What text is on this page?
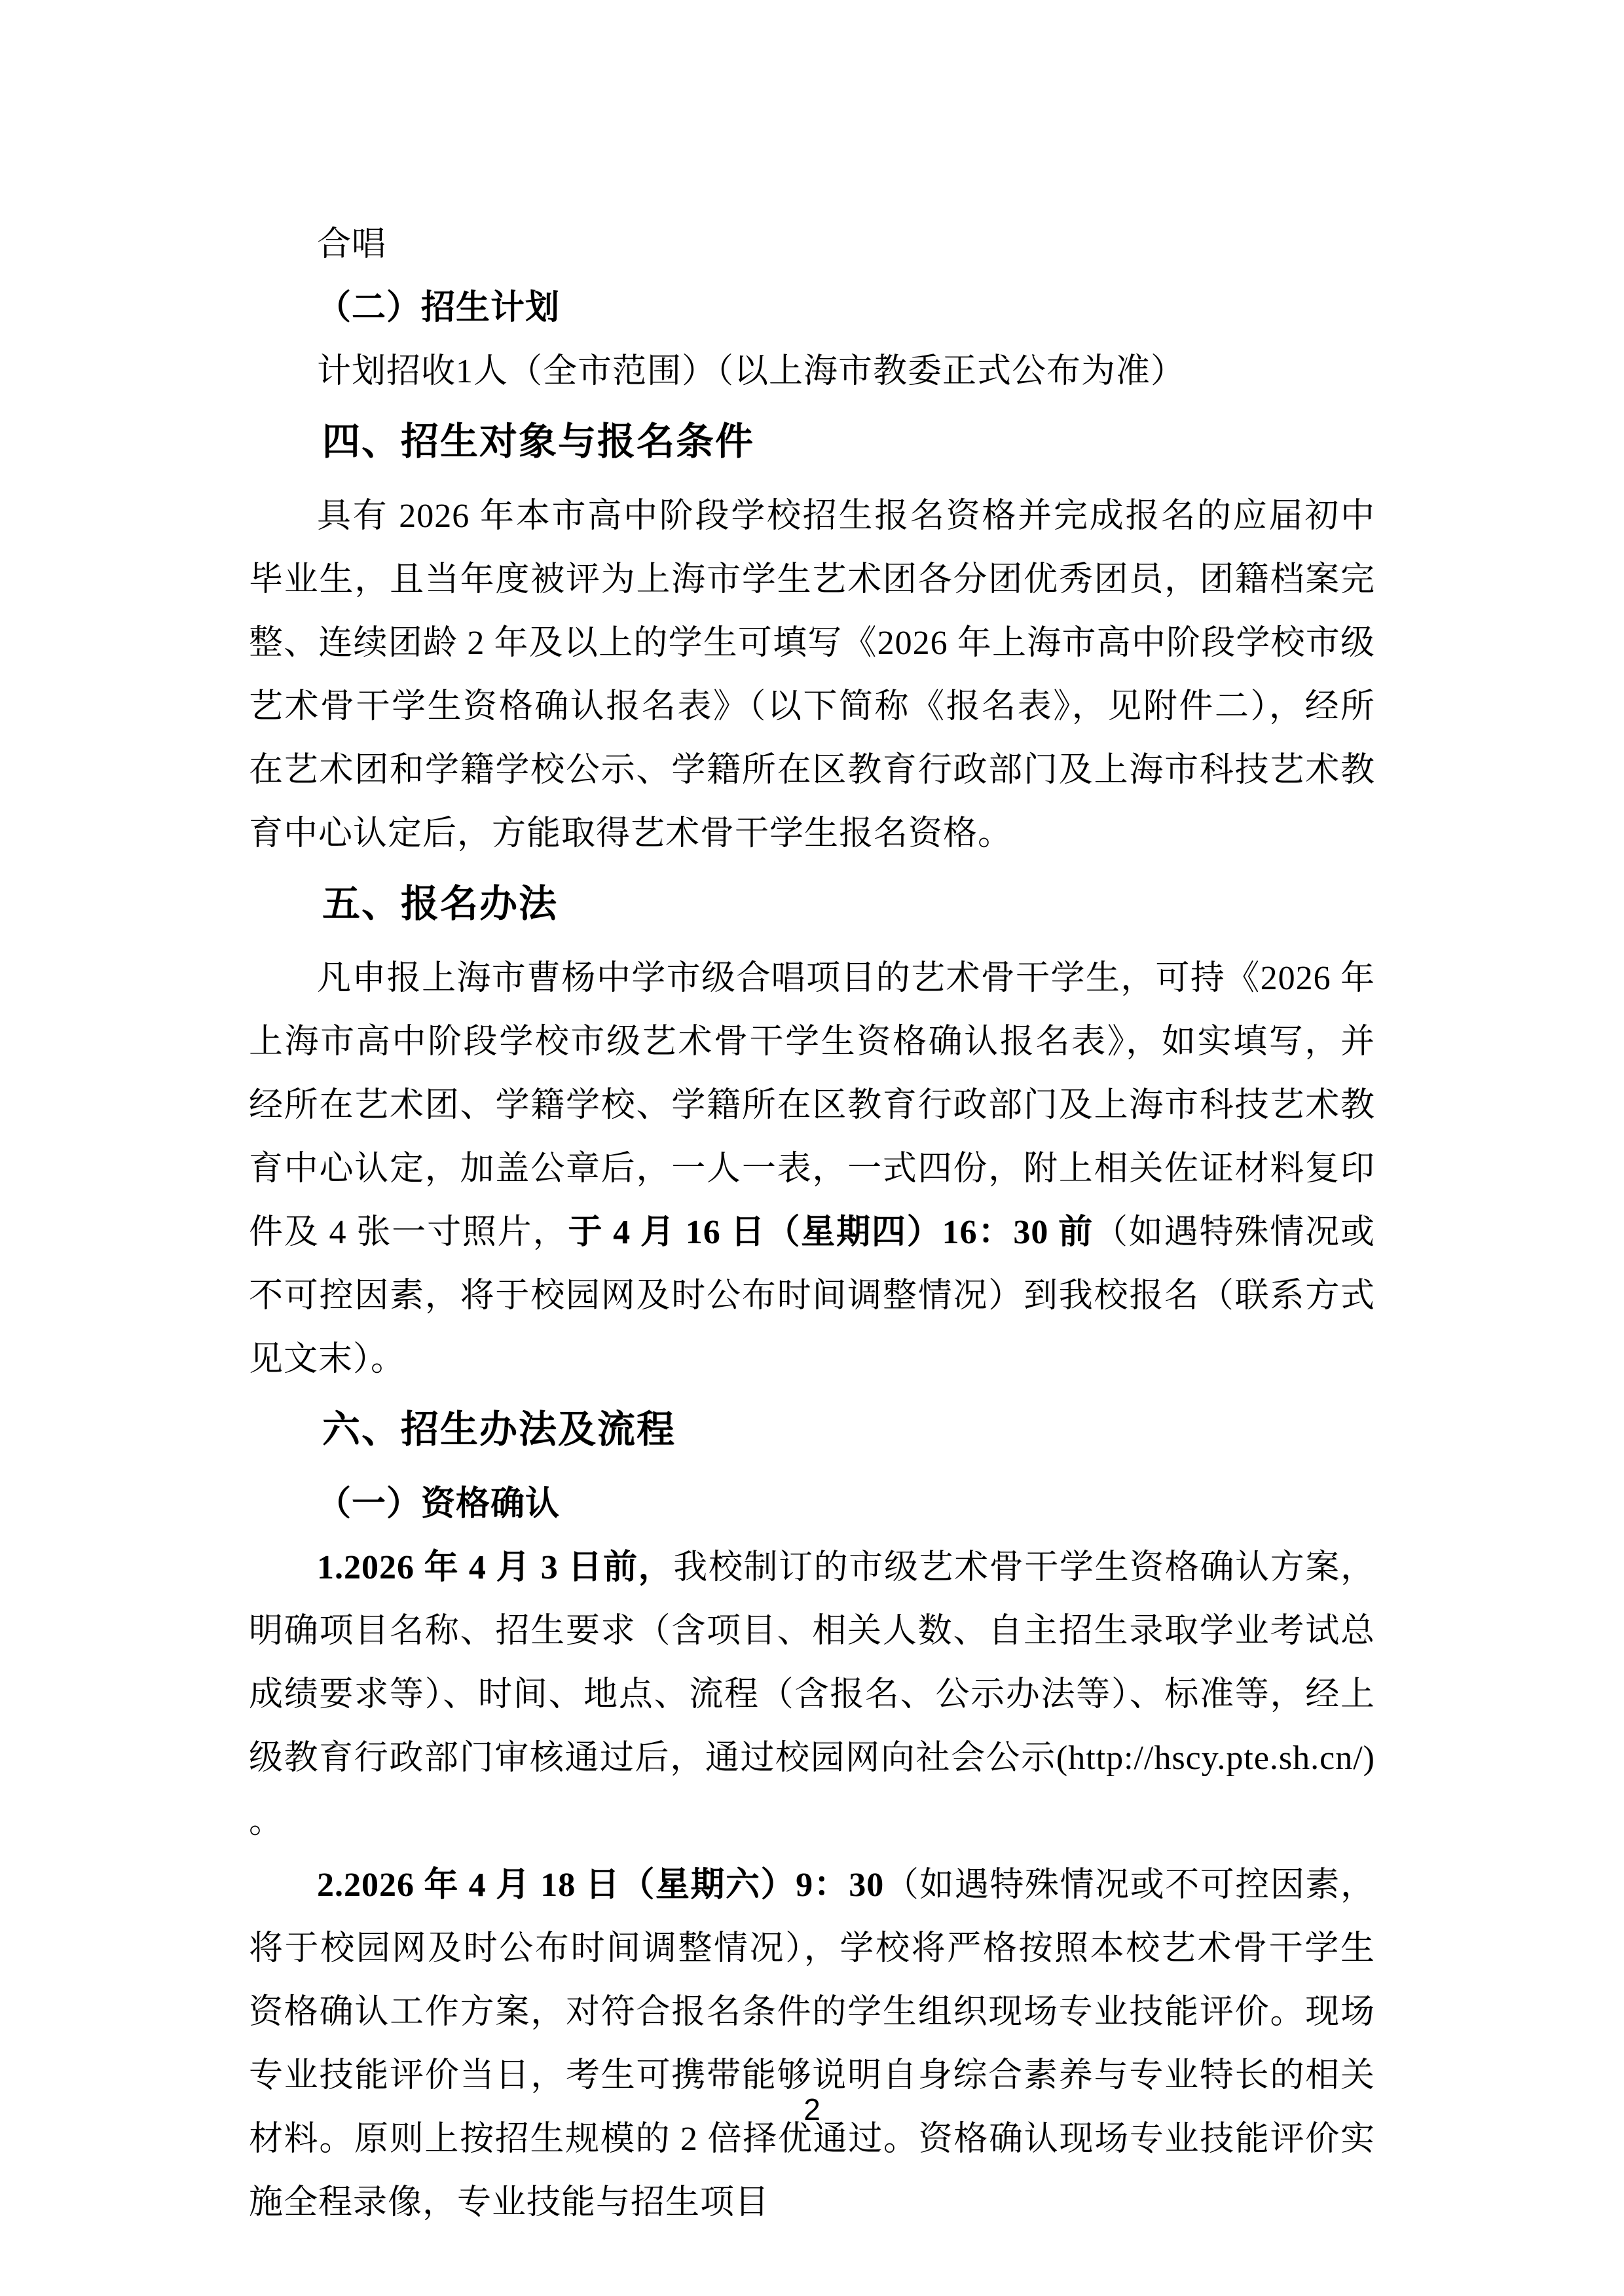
合唱

（二）招生计划

计划招收1人（全市范围）（以上海市教委正式公布为准）

四、招生对象与报名条件

具有 2026 年本市高中阶段学校招生报名资格并完成报名的应届初中毕业生，且当年度被评为上海市学生艺术团各分团优秀团员，团籍档案完整、连续团龄 2 年及以上的学生可填写《2026 年上海市高中阶段学校市级艺术骨干学生资格确认报名表》（以下简称《报名表》，见附件二），经所在艺术团和学籍学校公示、学籍所在区教育行政部门及上海市科技艺术教育中心认定后，方能取得艺术骨干学生报名资格。

五、报名办法

凡申报上海市曹杨中学市级合唱项目的艺术骨干学生，可持《2026 年上海市高中阶段学校市级艺术骨干学生资格确认报名表》，如实填写，并经所在艺术团、学籍学校、学籍所在区教育行政部门及上海市科技艺术教育中心认定，加盖公章后，一人一表，一式四份，附上相关佐证材料复印件及 4 张一寸照片，于 4 月 16 日（星期四）16：30 前（如遇特殊情况或不可控因素，将于校园网及时公布时间调整情况）到我校报名（联系方式见文末）。

六、招生办法及流程

（一）资格确认

1.2026 年 4 月 3 日前，我校制订的市级艺术骨干学生资格确认方案，明确项目名称、招生要求（含项目、相关人数、自主招生录取学业考试总成绩要求等）、时间、地点、流程（含报名、公示办法等）、标准等，经上级教育行政部门审核通过后，通过校园网向社会公示(http://hscy.pte.sh.cn/) 。

2.2026 年 4 月 18 日（星期六）9：30（如遇特殊情况或不可控因素，将于校园网及时公布时间调整情况），学校将严格按照本校艺术骨干学生资格确认工作方案，对符合报名条件的学生组织现场专业技能评价。现场专业技能评价当日，考生可携带能够说明自身综合素养与专业特长的相关材料。原则上按招生规模的 2 倍择优通过。资格确认现场专业技能评价实施全程录像，专业技能与招生项目

2
